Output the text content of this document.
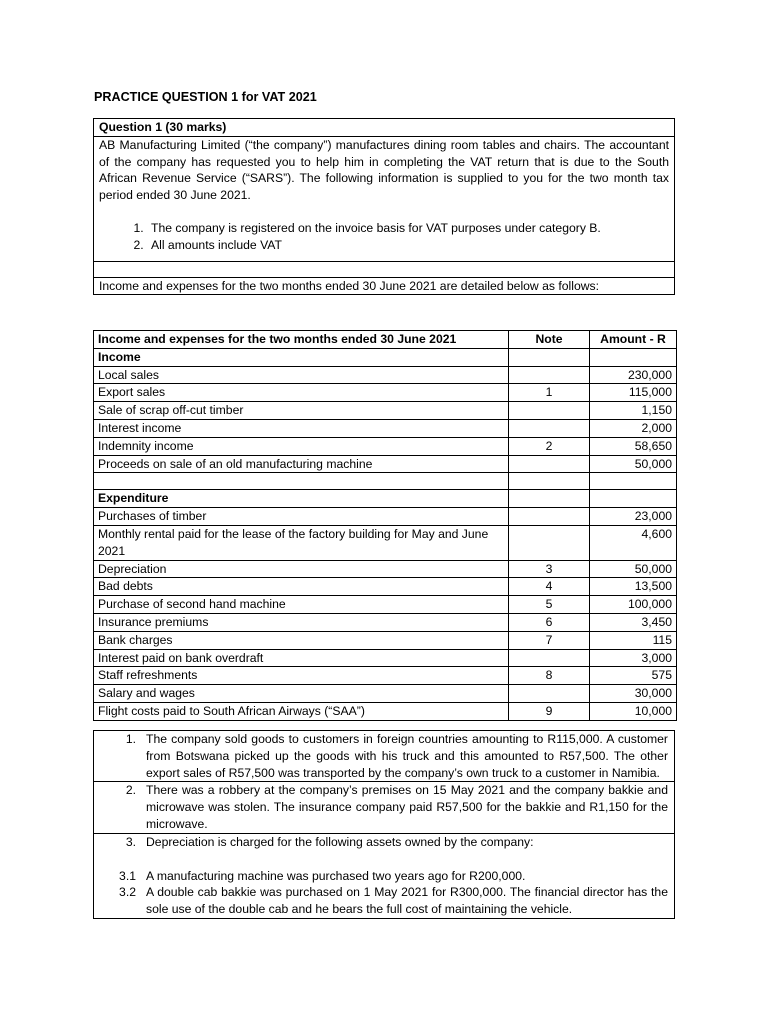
PRACTICE QUESTION 1 for VAT 2021
Question 1 (30 marks)

AB Manufacturing Limited (“the company”) manufactures dining room tables and chairs. The accountant of the company has requested you to help him in completing the VAT return that is due to the South African Revenue Service (“SARS”). The following information is supplied to you for the two month tax period ended 30 June 2021.

1. The company is registered on the invoice basis for VAT purposes under category B.
2. All amounts include VAT

Income and expenses for the two months ended 30 June 2021 are detailed below as follows:
Income and expenses for the two months ended 30 June 2021	Note	Amount - R
Income		
Local sales		230,000
Export sales	1	115,000
Sale of scrap off-cut timber		1,150
Interest income		2,000
Indemnity income	2	58,650
Proceeds on sale of an old manufacturing machine		50,000

Expenditure		
Purchases of timber		23,000
Monthly rental paid for the lease of the factory building for May and June 2021		4,600
Depreciation	3	50,000
Bad debts	4	13,500
Purchase of second hand machine	5	100,000
Insurance premiums	6	3,450
Bank charges	7	115
Interest paid on bank overdraft		3,000
Staff refreshments	8	575
Salary and wages		30,000
Flight costs paid to South African Airways (“SAA”)	9	10,000
1. The company sold goods to customers in foreign countries amounting to R115,000. A customer from Botswana picked up the goods with his truck and this amounted to R57,500. The other export sales of R57,500 was transported by the company’s own truck to a customer in Namibia.

2. There was a robbery at the company’s premises on 15 May 2021 and the company bakkie and microwave was stolen. The insurance company paid R57,500 for the bakkie and R1,150 for the microwave.

3. Depreciation is charged for the following assets owned by the company:
3.1 A manufacturing machine was purchased two years ago for R200,000.
3.2 A double cab bakkie was purchased on 1 May 2021 for R300,000. The financial director has the sole use of the double cab and he bears the full cost of maintaining the vehicle.
